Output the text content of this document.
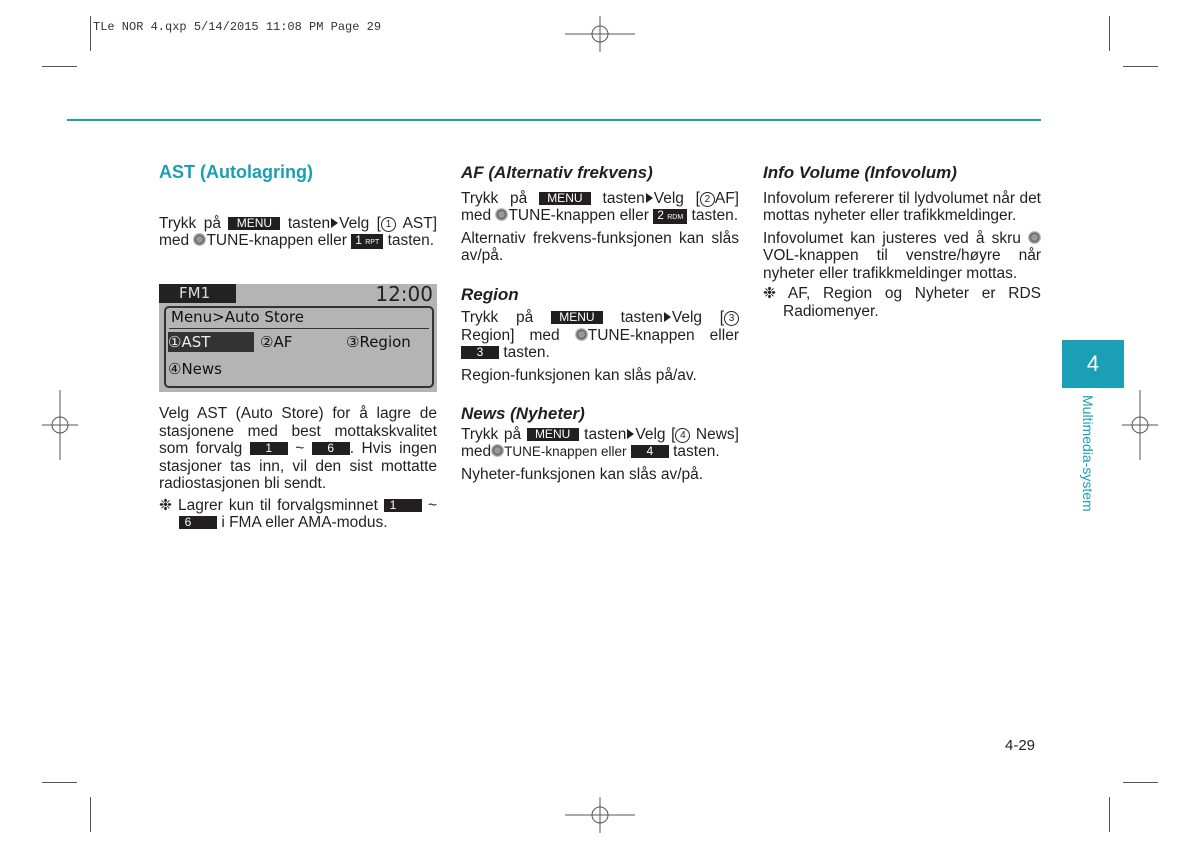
TLe NOR 4.qxp 5/14/2015 11:08 PM Page 29

AST (Autolagring)

Trykk på MENU tasten Velg [ 1 AST] med TUNE-knappen eller 1 RPT tasten.

FM1	12:00
Menu>Auto Store
①AST	②AF	③Region
④News

Velg AST (Auto Store) for å lagre de stasjonene med best mottakskvalitet som forvalg 1 ~ 6 . Hvis ingen stasjoner tas inn, vil den sist mottatte radiostasjonen bli sendt.

❉ Lagrer kun til forvalgsminnet 1 ~ 6 i FMA eller AMA-modus.

AF (Alternativ frekvens)

Trykk på MENU tasten Velg [ 2 AF] med TUNE-knappen eller 2 RDM tasten.

Alternativ frekvens-funksjonen kan slås av/på.

Region

Trykk på MENU tasten Velg [ 3 Region] med TUNE-knappen eller 3 tasten.

Region-funksjonen kan slås på/av.

News (Nyheter)

Trykk på MENU tasten Velg [ 4 News] med TUNE-knappen eller 4 tasten.

Nyheter-funksjonen kan slås av/på.

Info Volume (Infovolum)

Infovolum refererer til lydvolumet når det mottas nyheter eller trafikkmeldinger.

Infovolumet kan justeres ved å skru VOL-knappen til venstre/høyre når nyheter eller trafikkmeldinger mottas.

❉ AF, Region og Nyheter er RDS Radiomenyer.

4
Multimedia-system
4-29
